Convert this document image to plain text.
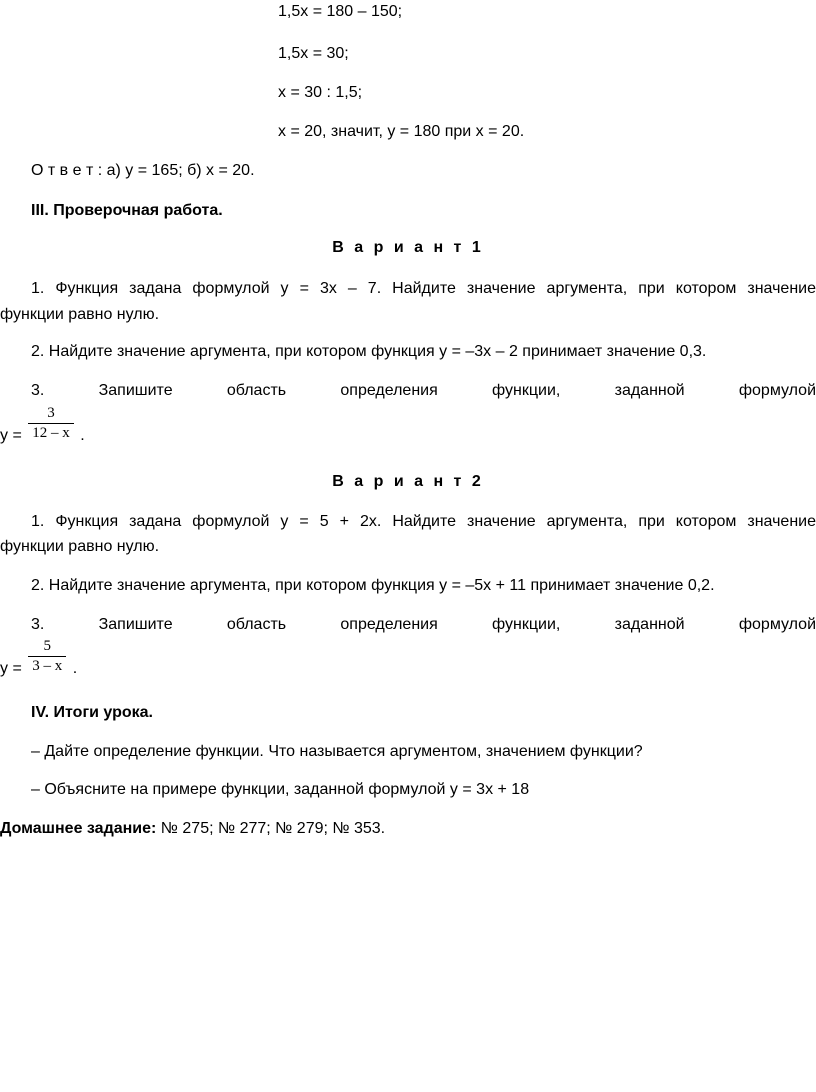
1,5x = 180 – 150;
1,5x = 30;
x = 30 : 1,5;
x = 20, значит, y = 180 при x = 20.
О т в е т : а) y = 165; б) x = 20.
III. Проверочная работа.
В а р и а н т 1
1. Функция задана формулой y = 3x – 7. Найдите значение аргумента, при котором значение
функции равно нулю.
2. Найдите значение аргумента, при котором функция y = –3x – 2 принимает значение 0,3.
3. Запишите область определения функции, заданной формулой
$y = \frac{3}{12 - x}$ .
В а р и а н т 2
1. Функция задана формулой y = 5 + 2x. Найдите значение аргумента, при котором значение
функции равно нулю.
2. Найдите значение аргумента, при котором функция y = –5x + 11 принимает значение 0,2.
3. Запишите область определения функции, заданной формулой
$y = \frac{5}{3 - x}$ .
IV. Итоги урока.
– Дайте определение функции. Что называется аргументом, значением функции?
– Объясните на примере функции, заданной формулой y = 3x + 18
Домашнее задание: № 275; № 277; № 279; № 353.
